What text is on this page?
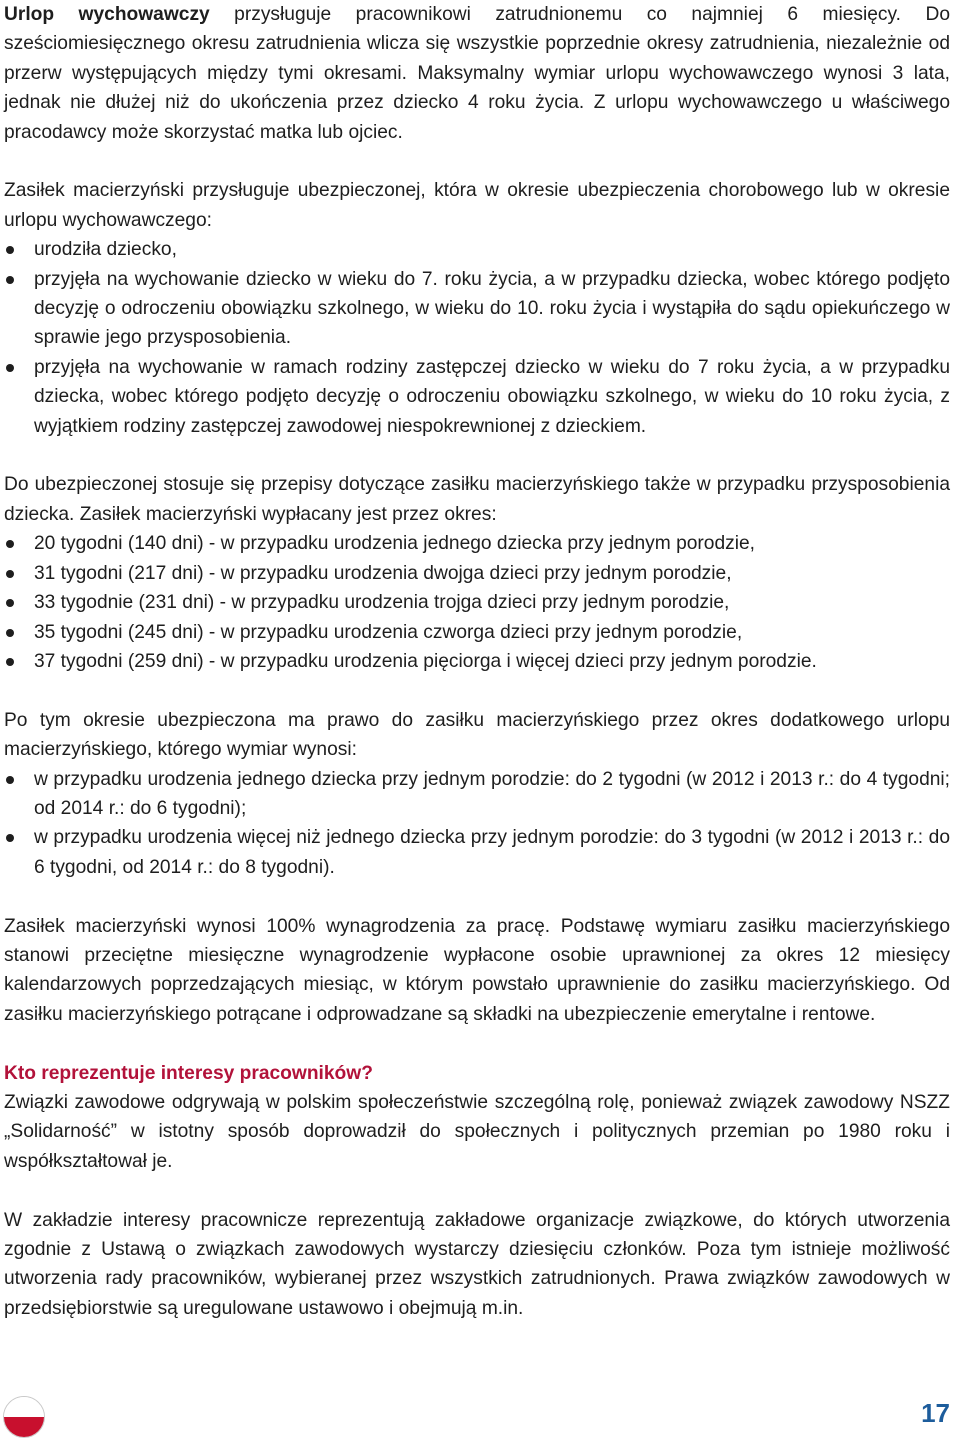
Urlop wychowawczy przysługuje pracownikowi zatrudnionemu co najmniej 6 miesięcy. Do sześciomiesięcznego okresu zatrudnienia wlicza się wszystkie poprzednie okresy zatrudnienia, niezależnie od przerw występujących między tymi okresami. Maksymalny wymiar urlopu wychowawczego wynosi 3 lata, jednak nie dłużej niż do ukończenia przez dziecko 4 roku życia. Z urlopu wychowawczego u właściwego pracodawcy może skorzystać matka lub ojciec.

Zasiłek macierzyński przysługuje ubezpieczonej, która w okresie ubezpieczenia chorobowego lub w okresie urlopu wychowawczego:

urodziła dziecko,
przyjęła na wychowanie dziecko w wieku do 7. roku życia, a w przypadku dziecka, wobec którego podjęto decyzję o odroczeniu obowiązku szkolnego, w wieku do 10. roku życia i wystąpiła do sądu opiekuńczego w sprawie jego przysposobienia.
przyjęła na wychowanie w ramach rodziny zastępczej dziecko w wieku do 7 roku życia, a w przypadku dziecka, wobec którego podjęto decyzję o odroczeniu obowiązku szkolnego, w wieku do 10 roku życia, z wyjątkiem rodziny zastępczej zawodowej niespokrewnionej z dzieckiem.

Do ubezpieczonej stosuje się przepisy dotyczące zasiłku macierzyńskiego także w przypadku przysposobienia dziecka. Zasiłek macierzyński wypłacany jest przez okres:

20 tygodni (140 dni) - w przypadku urodzenia jednego dziecka przy jednym porodzie,
31 tygodni (217 dni) - w przypadku urodzenia dwojga dzieci przy jednym porodzie,
33 tygodnie (231 dni) - w przypadku urodzenia trojga dzieci przy jednym porodzie,
35 tygodni (245 dni) - w przypadku urodzenia czworga dzieci przy jednym porodzie,
37 tygodni (259 dni) - w przypadku urodzenia pięciorga i więcej dzieci przy jednym porodzie.

Po tym okresie ubezpieczona ma prawo do zasiłku macierzyńskiego przez okres dodatkowego urlopu macierzyńskiego, którego wymiar wynosi:

w przypadku urodzenia jednego dziecka przy jednym porodzie: do 2 tygodni (w 2012 i 2013 r.: do 4 tygodni; od 2014 r.: do 6 tygodni);
w przypadku urodzenia więcej niż jednego dziecka przy jednym porodzie: do 3 tygodni (w 2012 i 2013 r.: do 6 tygodni, od 2014 r.: do 8 tygodni).

Zasiłek macierzyński wynosi 100% wynagrodzenia za pracę. Podstawę wymiaru zasiłku macierzyńskiego stanowi przeciętne miesięczne wynagrodzenie wypłacone osobie uprawnionej za okres 12 miesięcy kalendarzowych poprzedzających miesiąc, w którym powstało uprawnienie do zasiłku macierzyńskiego. Od zasiłku macierzyńskiego potrącane i odprowadzane są składki na ubezpieczenie emerytalne i rentowe.

Kto reprezentuje interesy pracowników?

Związki zawodowe odgrywają w polskim społeczeństwie szczególną rolę, ponieważ związek zawodowy NSZZ „Solidarność” w istotny sposób doprowadził do społecznych i politycznych przemian po 1980 roku i współkształtował je.

W zakładzie interesy pracownicze reprezentują zakładowe organizacje związkowe, do których utworzenia zgodnie z Ustawą o związkach zawodowych wystarczy dziesięciu członków. Poza tym istnieje możliwość utworzenia rady pracowników, wybieranej przez wszystkich zatrudnionych. Prawa związków zawodowych w przedsiębiorstwie są uregulowane ustawowo i obejmują m.in.

17
